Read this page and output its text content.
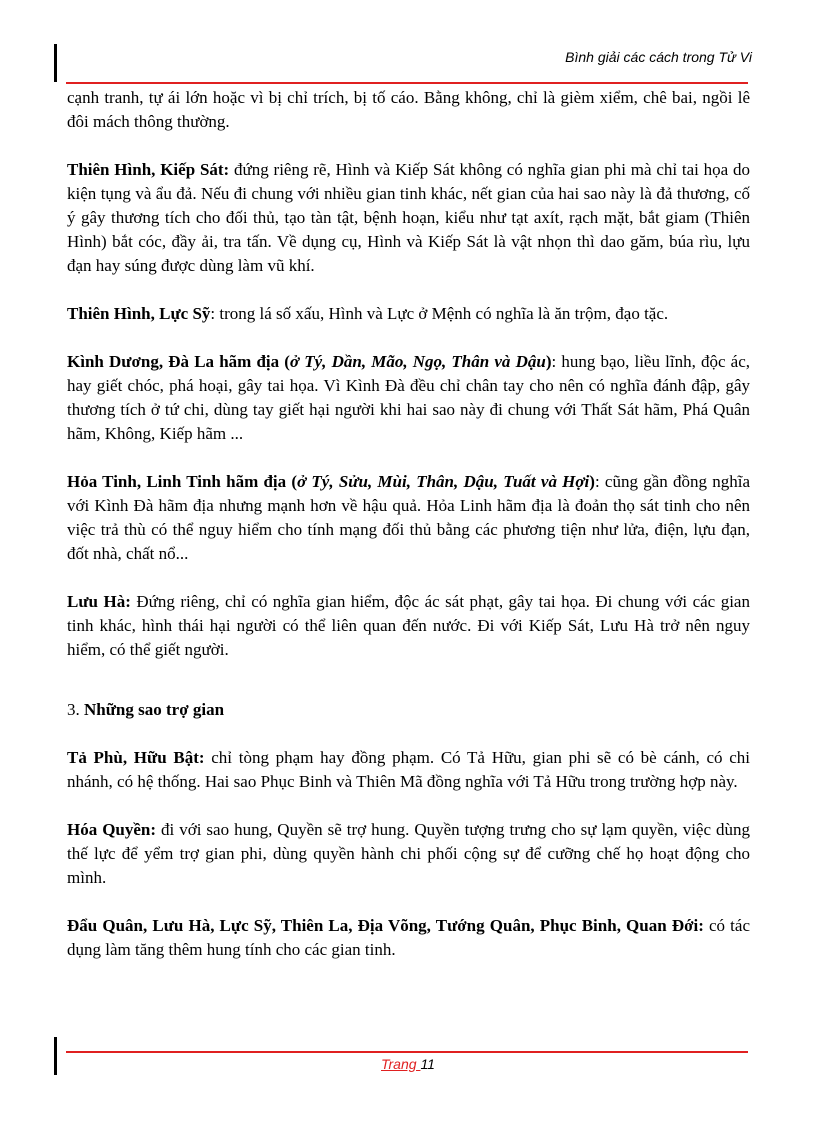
Bình giải các cách trong Tử Vi

cạnh tranh, tự ái lớn hoặc vì bị chỉ trích, bị tố cáo. Bằng không, chỉ là gièm xiểm, chê bai, ngồi lê đôi mách thông thường.

Thiên Hình, Kiếp Sát: đứng riêng rẽ, Hình và Kiếp Sát không có nghĩa gian phi mà chỉ tai họa do kiện tụng và ẩu đả. Nếu đi chung với nhiều gian tinh khác, nết gian của hai sao này là đả thương, cố ý gây thương tích cho đối thủ, tạo tàn tật, bệnh hoạn, kiểu như tạt axít, rạch mặt, bắt giam (Thiên Hình) bắt cóc, đầy ải, tra tấn. Về dụng cụ, Hình và Kiếp Sát là vật nhọn thì dao găm, búa rìu, lựu đạn hay súng được dùng làm vũ khí.

Thiên Hình, Lực Sỹ: trong lá số xấu, Hình và Lực ở Mệnh có nghĩa là ăn trộm, đạo tặc.

Kình Dương, Đà La hãm địa (ở Tý, Dần, Mão, Ngọ, Thân và Dậu): hung bạo, liều lĩnh, độc ác, hay giết chóc, phá hoại, gây tai họa. Vì Kình Đà đều chỉ chân tay cho nên có nghĩa đánh đập, gây thương tích ở tứ chi, dùng tay giết hại người khi hai sao này đi chung với Thất Sát hãm, Phá Quân hãm, Không, Kiếp hãm ...

Hỏa Tinh, Linh Tinh hãm địa (ở Tý, Sửu, Mùi, Thân, Dậu, Tuất và Hợi): cũng gần đồng nghĩa với Kình Đà hãm địa nhưng mạnh hơn về hậu quả. Hỏa Linh hãm địa là đoản thọ sát tinh cho nên việc trả thù có thể nguy hiểm cho tính mạng đối thủ bằng các phương tiện như lửa, điện, lựu đạn, đốt nhà, chất nổ...

Lưu Hà: Đứng riêng, chỉ có nghĩa gian hiểm, độc ác sát phạt, gây tai họa. Đi chung với các gian tinh khác, hình thái hại người có thể liên quan đến nước. Đi với Kiếp Sát, Lưu Hà trở nên nguy hiểm, có thể giết người.

3. Những sao trợ gian

Tả Phù, Hữu Bật: chỉ tòng phạm hay đồng phạm. Có Tả Hữu, gian phi sẽ có bè cánh, có chi nhánh, có hệ thống. Hai sao Phục Binh và Thiên Mã đồng nghĩa với Tả Hữu trong trường hợp này.

Hóa Quyền: đi với sao hung, Quyền sẽ trợ hung. Quyền tượng trưng cho sự lạm quyền, việc dùng thế lực để yểm trợ gian phi, dùng quyền hành chi phối cộng sự để cưỡng chế họ hoạt động cho mình.

Đẩu Quân, Lưu Hà, Lực Sỹ, Thiên La, Địa Võng, Tướng Quân, Phục Binh, Quan Đới: có tác dụng làm tăng thêm hung tính cho các gian tinh.

Trang 11
